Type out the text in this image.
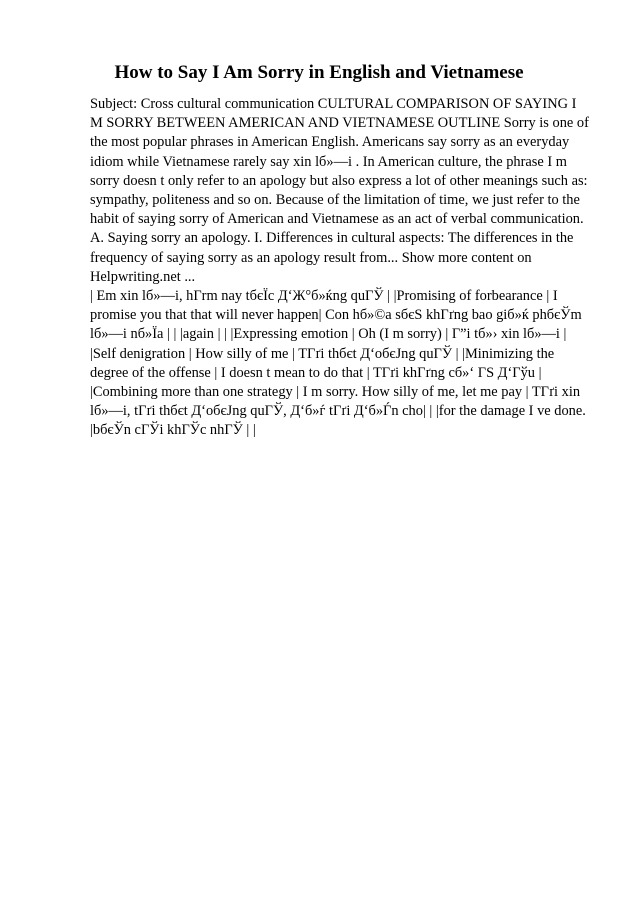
How to Say I Am Sorry in English and Vietnamese

Subject: Cross cultural communication CULTURAL COMPARISON OF SAYING I M SORRY BETWEEN AMERICAN AND VIETNAMESE OUTLINE Sorry is one of the most popular phrases in American English. Americans say sorry as an everyday idiom while Vietnamese rarely say xin lб»—i . In American culture, the phrase I m sorry doesn t only refer to an apology but also express a lot of other meanings such as: sympathy, politeness and so on. Because of the limitation of time, we just refer to the habit of saying sorry of American and Vietnamese as an act of verbal communication. A. Saying sorry an apology. I. Differences in cultural aspects: The differences in the frequency of saying sorry as an apology result from... Show more content on Helpwriting.net ...

| Em xin lб»—i, hГrm nay tбєЇc Д‘Ж°б»ќng quГЎ | |Promising of forbearance | I promise you that that will never happen| Con hб»©a sбєЅ khГґng bao giб»ќ phбєЎm lб»—i nб»Їa | | |again | | |Expressing emotion | Oh (I m sorry) | Г”i tб»› xin lб»—i | |Self denigration | How silly of me | TГґi thбєt Д‘oбєЈng quГЎ | |Minimizing the degree of the offense | I doesn t mean to do that | TГґi khГґng cб»‘ ГЅ Д‘Гўu | |Combining more than one strategy | I m sorry. How silly of me, let me pay | TГґi xin lб»—i, tГґi thбєt Д‘oбєЈng quГЎ, Д‘б»ѓ tГґi Д‘б»Ѓn cho| | |for the damage I ve done. |bбєЎn cГЎi khГЎc nhГЎ | |
